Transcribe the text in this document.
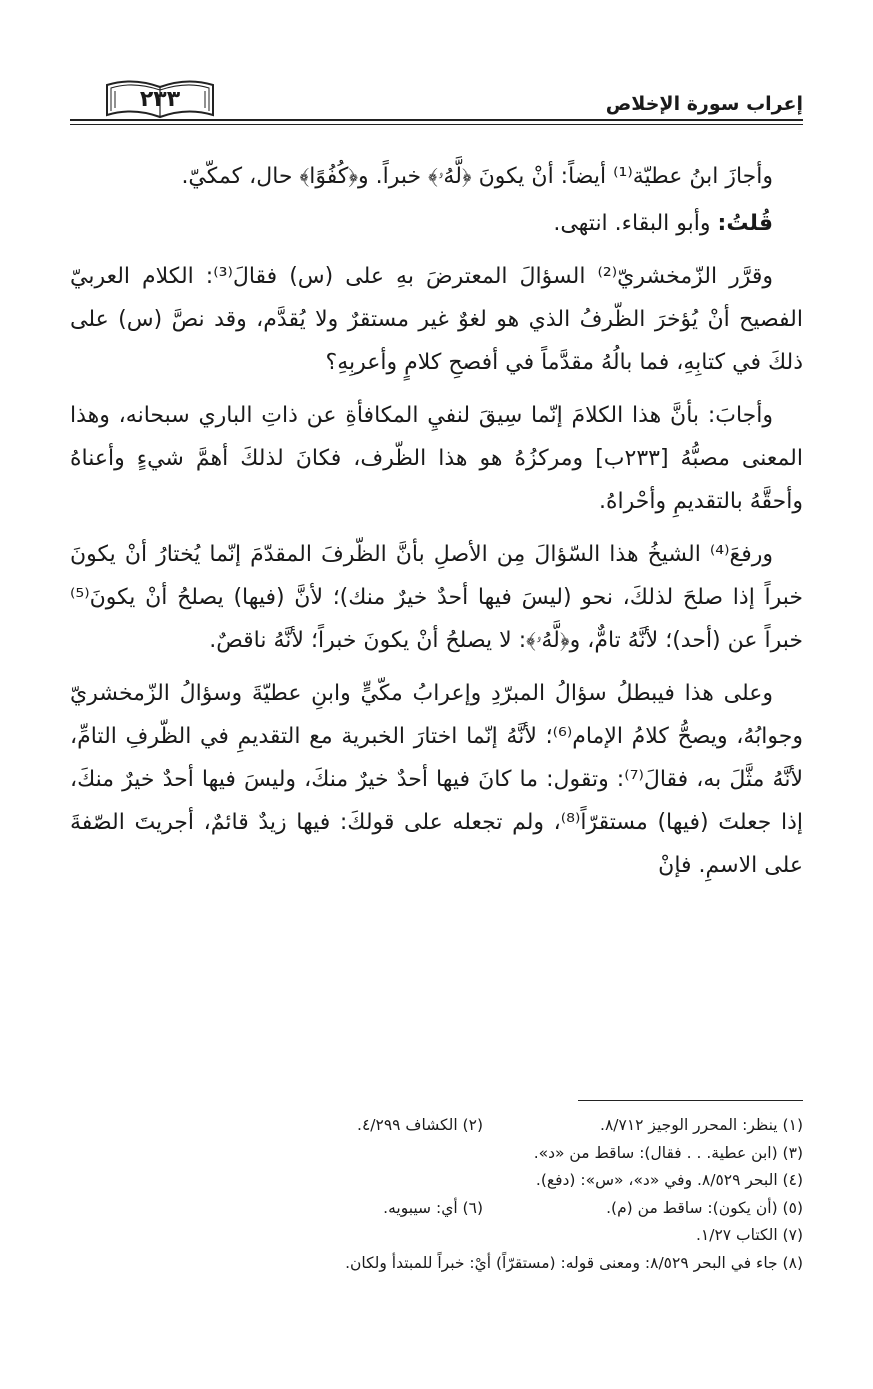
إعراب سورة الإخلاص
٢٣٣

وأجازَ ابنُ عطيّة⁽¹⁾ أيضاً: أنْ يكونَ ﴿لَّهُۥ﴾ خبراً. و﴿كُفُوًا﴾ حال، كمكّيّ.

قُلتُ: وأبو البقاء. انتهى.

وقرَّر الزّمخشريّ⁽²⁾ السؤالَ المعترضَ بهِ على (س) فقالَ⁽³⁾: الكلام العربيّ الفصيح أنْ يُؤخرَ الظّرفُ الذي هو لغوٌ غير مستقرٌ ولا يُقدَّم، وقد نصَّ (س) على ذلكَ في كتابِهِ، فما بالُهُ مقدَّماً في أفصحِ كلامٍ وأعربِهِ؟

وأجابَ: بأنَّ هذا الكلامَ إنّما سِيقَ لنفيِ المكافأةِ عن ذاتِ الباري سبحانه، وهذا المعنى مصبُّهُ [٢٣٣ب] ومركزُهُ هو هذا الظّرف، فكانَ لذلكَ أهمَّ شيءٍ وأعناهُ وأحقَّهُ بالتقديمِ وأحْراهُ.

ورفعَ⁽⁴⁾ الشيخُ هذا السّؤالَ مِن الأصلِ بأنَّ الظّرفَ المقدّمَ إنّما يُختارُ أنْ يكونَ خبراً إذا صلحَ لذلكَ، نحو (ليسَ فيها أحدٌ خيرٌ منك)؛ لأنَّ (فيها) يصلحُ أنْ يكونَ⁽⁵⁾ خبراً عن (أحد)؛ لأنَّهُ تامٌّ، و﴿لَّهُۥ﴾: لا يصلحُ أنْ يكونَ خبراً؛ لأنَّهُ ناقصٌ.

وعلى هذا فيبطلُ سؤالُ المبرّدِ وإعرابُ مكّيٍّ وابنِ عطيّةَ وسؤالُ الزّمخشريّ وجوابُهُ، ويصحُّ كلامُ الإمام⁽⁶⁾؛ لأنَّهُ إنّما اختارَ الخبرية مع التقديمِ في الظّرفِ التامِّ، لأنَّهُ مثَّلَ به، فقالَ⁽⁷⁾: وتقول: ما كانَ فيها أحدٌ خيرٌ منكَ، وليسَ فيها أحدٌ خيرٌ منكَ، إذا جعلتَ (فيها) مستقرّاً⁽⁸⁾، ولم تجعله على قولكَ: فيها زيدٌ قائمٌ، أجريتَ الصّفةَ على الاسمِ. فإنْ

(١) ينظر: المحرر الوجيز ٨/٧١٢.
(٢) الكشاف ٤/٢٩٩.
(٣) (ابن عطية. . . فقال): ساقط من «د».
(٤) البحر ٨/٥٢٩. وفي «د»، «س»: (دفع).
(٥) (أن يكون): ساقط من (م).
(٦) أي: سيبويه.
(٧) الكتاب ١/٢٧.
(٨) جاء في البحر ٨/٥٢٩: ومعنى قوله: (مستقرّاً) أيْ: خبراً للمبتدأ ولكان.
